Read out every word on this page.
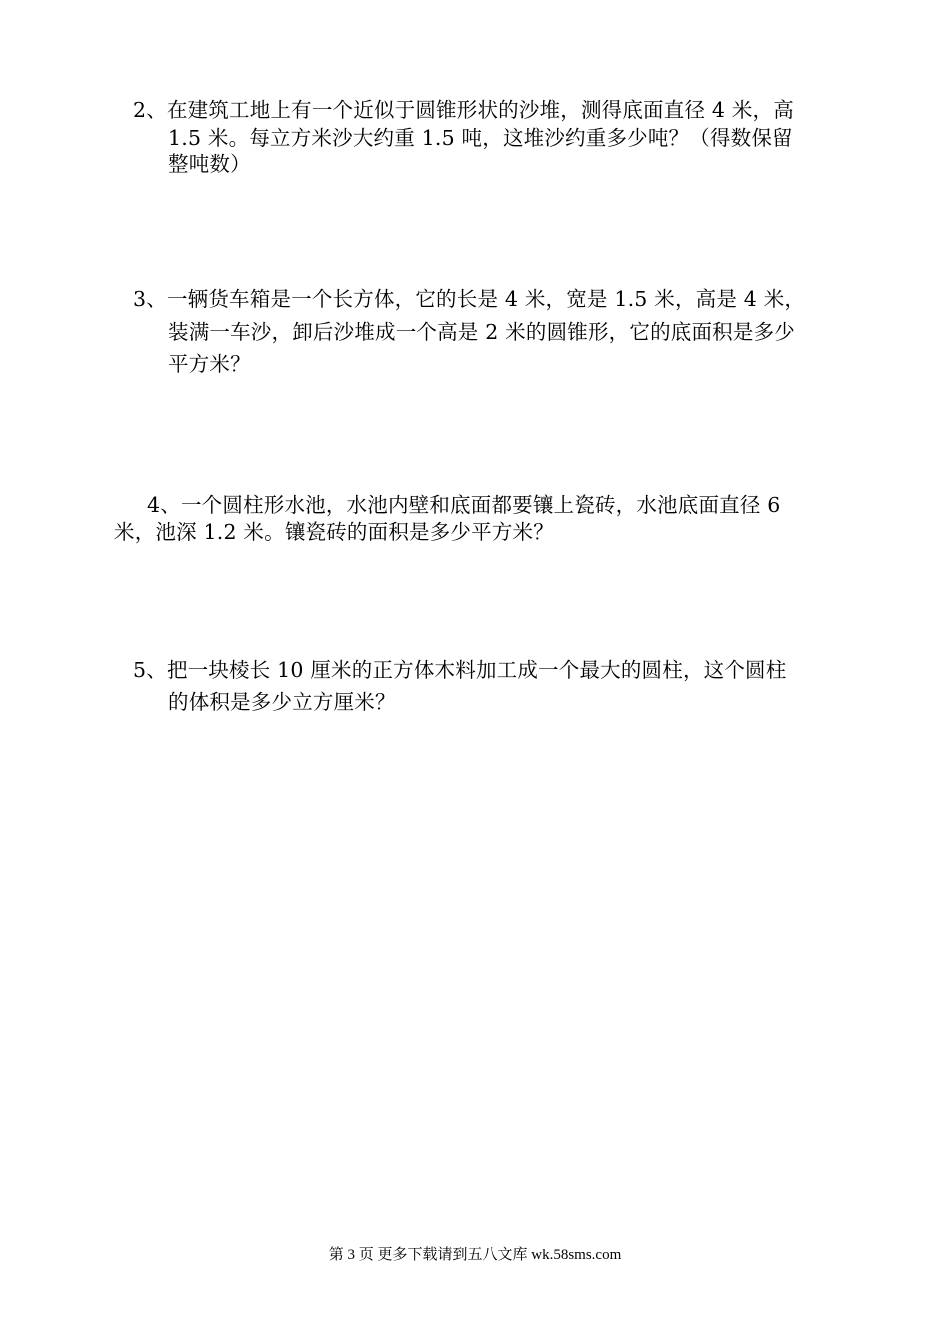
2、在建筑工地上有一个近似于圆锥形状的沙堆，测得底面直径 4 米，高
1.5 米。每立方米沙大约重 1.5 吨，这堆沙约重多少吨？（得数保留
整吨数）
3、一辆货车箱是一个长方体，它的长是 4 米，宽是 1.5 米，高是 4 米，
装满一车沙，卸后沙堆成一个高是 2 米的圆锥形，它的底面积是多少
平方米？
4、一个圆柱形水池，水池内壁和底面都要镶上瓷砖，水池底面直径 6
米，池深 1.2 米。镶瓷砖的面积是多少平方米？
5、把一块棱长 10 厘米的正方体木料加工成一个最大的圆柱，这个圆柱
的体积是多少立方厘米？
第 3 页 更多下载请到五八文库 wk.58sms.com
